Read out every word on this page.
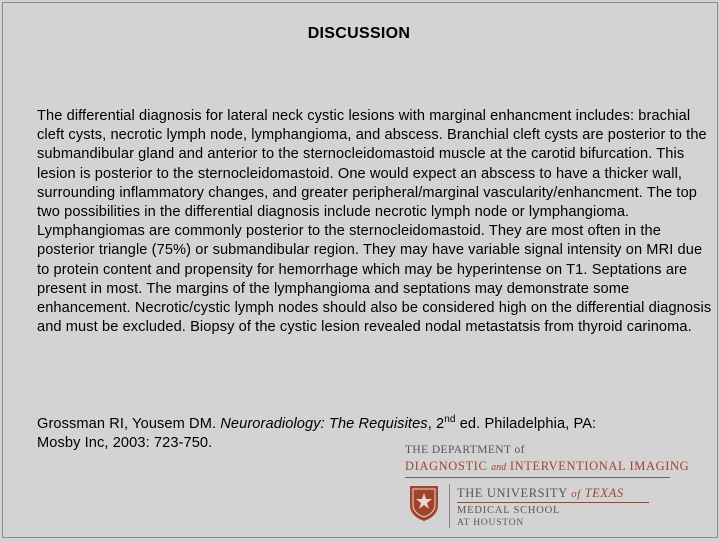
DISCUSSION

The differential diagnosis for lateral neck cystic lesions with marginal enhancment includes: brachial cleft cysts, necrotic lymph node, lymphangioma, and abscess. Branchial cleft cysts are posterior to the submandibular gland and anterior to the sternocleidomastoid muscle at the carotid bifurcation. This lesion is posterior to the sternocleidomastoid. One would expect an abscess to have a thicker wall, surrounding inflammatory changes, and greater peripheral/marginal vascularity/enhancment. The top two possibilities in the differential diagnosis include necrotic lymph node or lymphangioma. Lymphangiomas are commonly posterior to the sternocleidomastoid. They are most often in the posterior triangle (75%) or submandibular region. They may have variable signal intensity on MRI due to protein content and propensity for hemorrhage which may be hyperintense on T1. Septations are present in most. The margins of the lymphangioma and septations may demonstrate some enhancement. Necrotic/cystic lymph nodes should also be considered high on the differential diagnosis and must be excluded. Biopsy of the cystic lesion revealed nodal metastatsis from thyroid carinoma.

Grossman RI, Yousem DM. Neuroradiology: The Requisites, 2nd ed. Philadelphia, PA:
Mosby Inc, 2003: 723-750.	THE DEPARTMENT of
DIAGNOSTIC and INTERVENTIONAL IMAGING
THE UNIVERSITY of TEXAS
MEDICAL SCHOOL
AT HOUSTON
